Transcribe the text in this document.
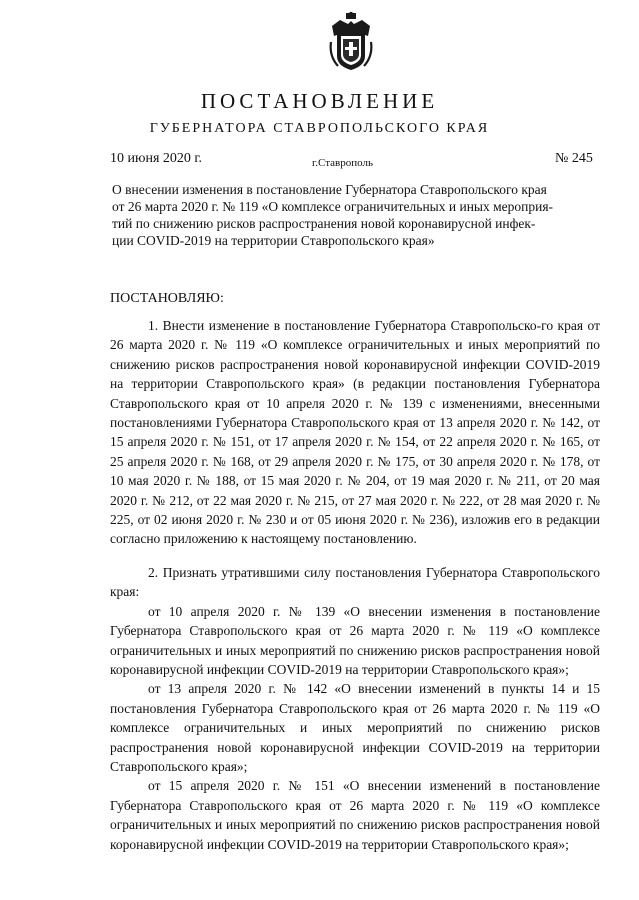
ПОСТАНОВЛЕНИЕ
ГУБЕРНАТОРА СТАВРОПОЛЬСКОГО КРАЯ
10 июня 2020 г.	г.Ставрополь	№ 245
О внесении изменения в постановление Губернатора Ставропольского края
от 26 марта 2020 г. № 119 «О комплексе ограничительных и иных мероприя-
тий по снижению рисков распространения новой коронавирусной инфек-
ции COVID-2019 на территории Ставропольского края»
ПОСТАНОВЛЯЮ:

1. Внести изменение в постановление Губернатора Ставропольско-го края от 26 марта 2020 г. № 119 «О комплексе ограничительных и иных мероприятий по снижению рисков распространения новой коронавирусной инфекции COVID-2019 на территории Ставропольского края» (в редакции постановления Губернатора Ставропольского края от 10 апреля 2020 г. № 139 с изменениями, внесенными постановлениями Губернатора Ставропольского края от 13 апреля 2020 г. № 142, от 15 апреля 2020 г. № 151, от 17 апреля 2020 г. № 154, от 22 апреля 2020 г. № 165, от 25 апреля 2020 г. № 168, от 29 апреля 2020 г. № 175, от 30 апреля 2020 г. № 178, от 10 мая 2020 г. № 188, от 15 мая 2020 г. № 204, от 19 мая 2020 г. № 211, от 20 мая 2020 г. № 212, от 22 мая 2020 г. № 215, от 27 мая 2020 г. № 222, от 28 мая 2020 г. № 225, от 02 июня 2020 г. № 230 и от 05 июня 2020 г. № 236), изложив его в редакции согласно приложению к настоящему постановлению.

2. Признать утратившими силу постановления Губернатора Ставропольского края:

от 10 апреля 2020 г. № 139 «О внесении изменения в постановление Губернатора Ставропольского края от 26 марта 2020 г. № 119 «О комплексе ограничительных и иных мероприятий по снижению рисков распространения новой коронавирусной инфекции COVID-2019 на территории Ставропольского края»;

от 13 апреля 2020 г. № 142 «О внесении изменений в пункты 14 и 15 постановления Губернатора Ставропольского края от 26 марта 2020 г. № 119 «О комплексе ограничительных и иных мероприятий по снижению рисков распространения новой коронавирусной инфекции COVID-2019 на территории Ставропольского края»;

от 15 апреля 2020 г. № 151 «О внесении изменений в постановление Губернатора Ставропольского края от 26 марта 2020 г. № 119 «О комплексе ограничительных и иных мероприятий по снижению рисков распространения новой коронавирусной инфекции COVID-2019 на территории Ставропольского края»;
